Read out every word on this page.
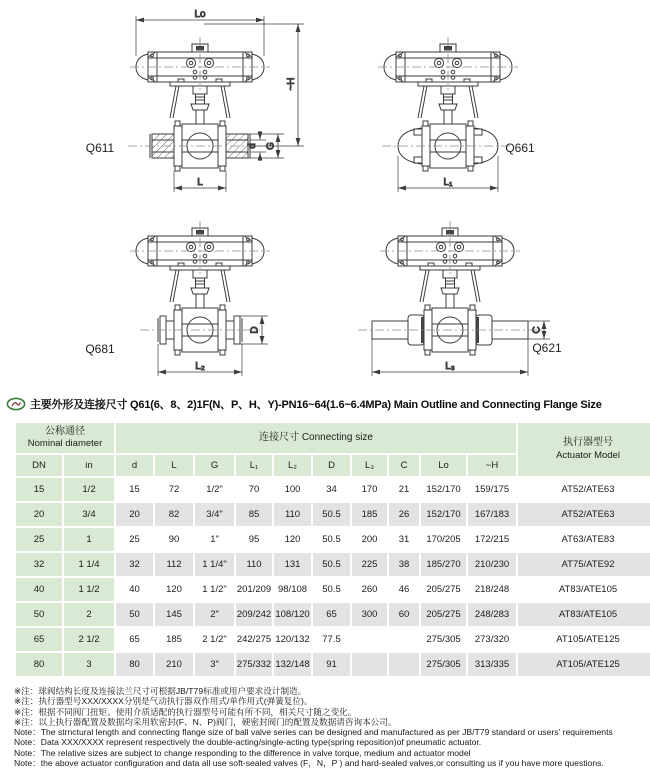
Lo
~H
d G
L
Q611
L₁
Q661
D
L₂
Q681
C
L₃
Q621
主要外形及连接尺寸 Q61(6、8、2)1F(N、P、H、Y)-PN16~64(1.6~6.4MPa) Main Outline and Connecting Flange Size
公称通径
Nominal diameter		连接尺寸 Connecting size										执行器型号
Actuator Model
DN	in	d	L	G	L₁	L₂	D	L₃	C	Lo	~H	
15	1/2	15	72	1/2"	70	100	34	170	21	152/170	159/175	AT52/ATE63
20	3/4	20	82	3/4"	85	110	50.5	185	26	152/170	167/183	AT52/ATE63
25	1	25	90	1"	95	120	50.5	200	31	170/205	172/215	AT63/ATE83
32	1 1/4	32	112	1 1/4"	110	131	50.5	225	38	185/270	210/230	AT75/ATE92
40	1 1/2	40	120	1 1/2"	201/209	98/108	50.5	260	46	205/275	218/248	AT83/ATE105
50	2	50	145	2"	209/242	108/120	65	300	60	205/275	248/283	AT83/ATE105
65	2 1/2	65	185	2 1/2"	242/275	120/132	77.5			275/305	273/320	AT105/ATE125
80	3	80	210	3"	275/332	132/148	91			275/305	313/335	AT105/ATE125
※注：球阀结构长度及连接法兰尺寸可根据JB/T79标准或用户要求设计制造。
※注：执行器型号XXX/XXXX分别是气动执行器双作用式/单作用式(弹簧复位)。
※注：根据不同阀门扭矩、使用介质适配的执行器型号可能有所不同，相关尺寸随之变化。
※注：以上执行器配置及数据均采用软密封(F、N、P)阀门，硬密封阀门的配置及数据请咨询本公司。
Note：The strnctural length and connecting flange size of ball valve series can be designed and manufactured as per JB/T79 standard or users' requirements
Note：Data XXX/XXXX represent respectively the double-acting/single-acting type(spring reposition)of pneumatic actuator.
Note：The relative sizes are subject to change responding to the difference in valve torque, medium and actuator model
Note：the above actuator configuration and data all use soft-sealed valves (F，N，P ) and hard-sealed valves,or consulting us if you have more questions.
